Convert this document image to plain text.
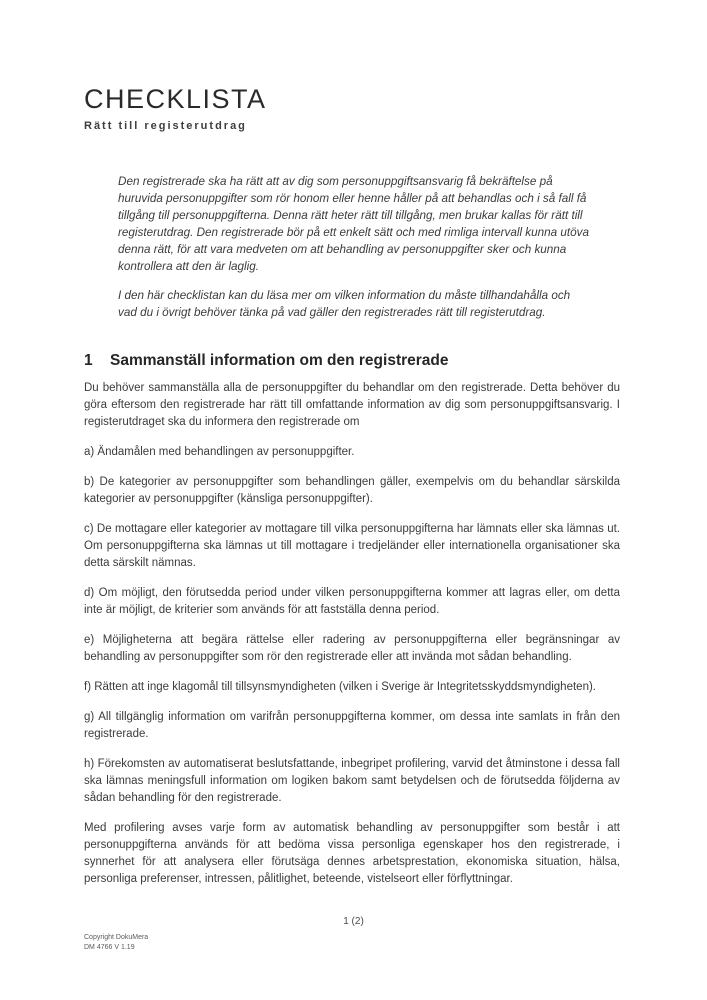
CHECKLISTA
Rätt till registerutdrag

Den registrerade ska ha rätt att av dig som personuppgiftsansvarig få bekräftelse på huruvida personuppgifter som rör honom eller henne håller på att behandlas och i så fall få tillgång till personuppgifterna. Denna rätt heter rätt till tillgång, men brukar kallas för rätt till registerutdrag. Den registrerade bör på ett enkelt sätt och med rimliga intervall kunna utöva denna rätt, för att vara medveten om att behandling av personuppgifter sker och kunna kontrollera att den är laglig.

I den här checklistan kan du läsa mer om vilken information du måste tillhandahålla och vad du i övrigt behöver tänka på vad gäller den registrerades rätt till registerutdrag.

1 Sammanställ information om den registrerade

Du behöver sammanställa alla de personuppgifter du behandlar om den registrerade. Detta behöver du göra eftersom den registrerade har rätt till omfattande information av dig som personuppgiftsansvarig. I registerutdraget ska du informera den registrerade om

a) Ändamålen med behandlingen av personuppgifter.

b) De kategorier av personuppgifter som behandlingen gäller, exempelvis om du behandlar särskilda kategorier av personuppgifter (känsliga personuppgifter).

c) De mottagare eller kategorier av mottagare till vilka personuppgifterna har lämnats eller ska lämnas ut. Om personuppgifterna ska lämnas ut till mottagare i tredjeländer eller internationella organisationer ska detta särskilt nämnas.

d) Om möjligt, den förutsedda period under vilken personuppgifterna kommer att lagras eller, om detta inte är möjligt, de kriterier som används för att fastställa denna period.

e) Möjligheterna att begära rättelse eller radering av personuppgifterna eller begränsningar av behandling av personuppgifter som rör den registrerade eller att invända mot sådan behandling.

f) Rätten att inge klagomål till tillsynsmyndigheten (vilken i Sverige är Integritetsskyddsmyndigheten).

g) All tillgänglig information om varifrån personuppgifterna kommer, om dessa inte samlats in från den registrerade.

h) Förekomsten av automatiserat beslutsfattande, inbegripet profilering, varvid det åtminstone i dessa fall ska lämnas meningsfull information om logiken bakom samt betydelsen och de förutsedda följderna av sådan behandling för den registrerade.

Med profilering avses varje form av automatisk behandling av personuppgifter som består i att personuppgifterna används för att bedöma vissa personliga egenskaper hos den registrerade, i synnerhet för att analysera eller förutsäga dennes arbetsprestation, ekonomiska situation, hälsa, personliga preferenser, intressen, pålitlighet, beteende, vistelseort eller förflyttningar.

1 (2)
Copyright DokuMera
DM 4766 V 1.19
